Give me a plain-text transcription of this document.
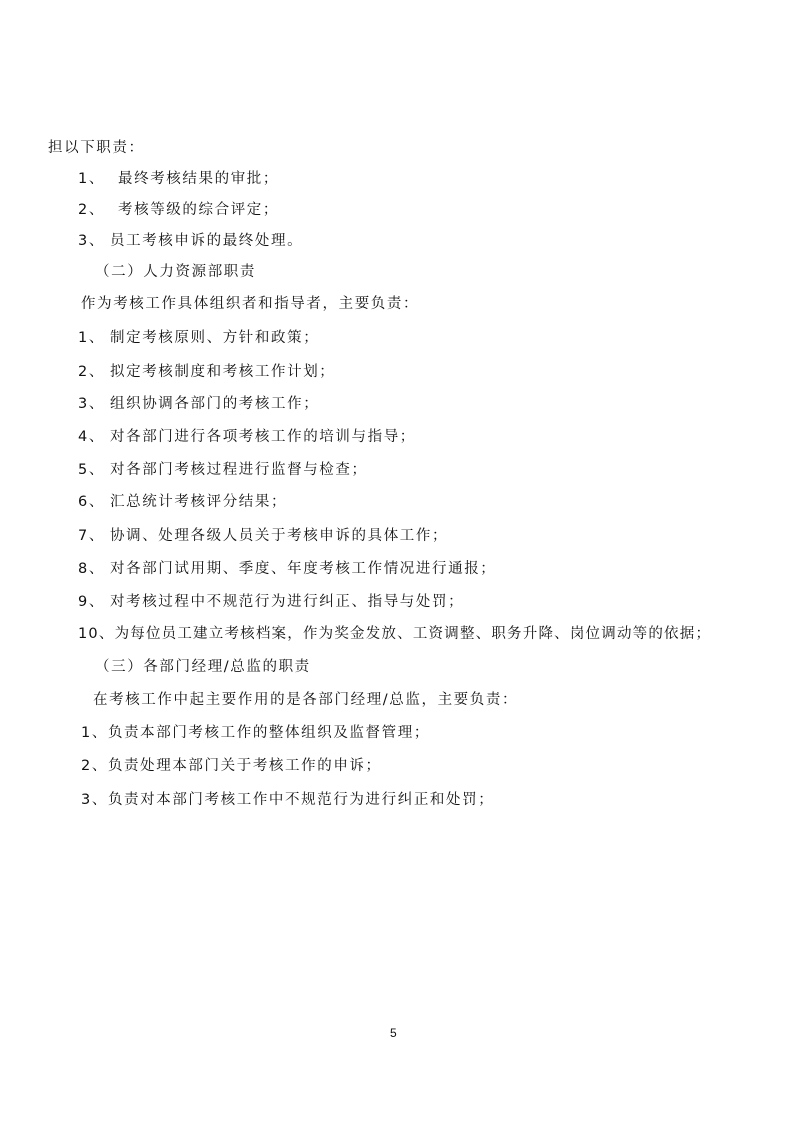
担以下职责：
1、 最终考核结果的审批；
2、 考核等级的综合评定；
3、 员工考核申诉的最终处理。
（二）人力资源部职责
作为考核工作具体组织者和指导者，主要负责：
1、 制定考核原则、方针和政策；
2、 拟定考核制度和考核工作计划；
3、 组织协调各部门的考核工作；
4、 对各部门进行各项考核工作的培训与指导；
5、 对各部门考核过程进行监督与检查；
6、 汇总统计考核评分结果；
7、 协调、处理各级人员关于考核申诉的具体工作；
8、 对各部门试用期、季度、年度考核工作情况进行通报；
9、 对考核过程中不规范行为进行纠正、指导与处罚；
10、为每位员工建立考核档案，作为奖金发放、工资调整、职务升降、岗位调动等的依据；
（三）各部门经理/总监的职责
在考核工作中起主要作用的是各部门经理/总监，主要负责：
1、负责本部门考核工作的整体组织及监督管理；
2、负责处理本部门关于考核工作的申诉；
3、负责对本部门考核工作中不规范行为进行纠正和处罚；
5
